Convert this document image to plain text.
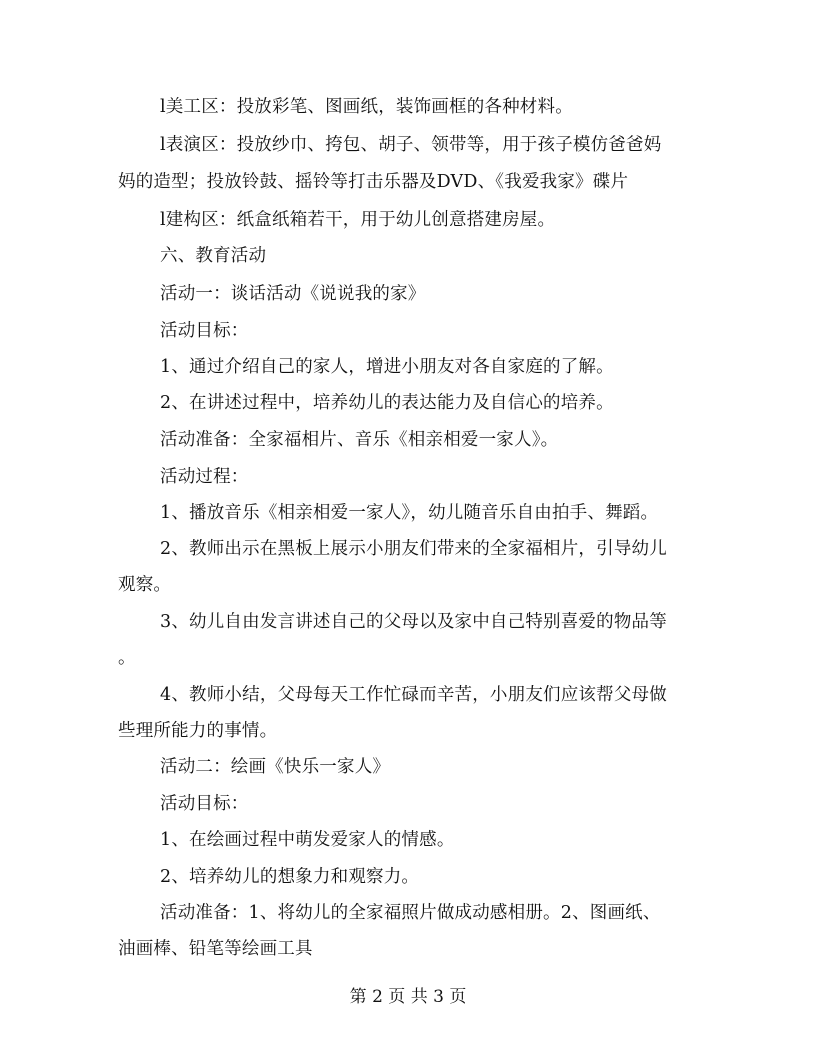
l美工区：投放彩笔、图画纸，装饰画框的各种材料。
l表演区：投放纱巾、挎包、胡子、领带等，用于孩子模仿爸爸妈
妈的造型；投放铃鼓、摇铃等打击乐器及DVD、《我爱我家》碟片
l建构区：纸盒纸箱若干，用于幼儿创意搭建房屋。
六、教育活动
活动一：谈话活动《说说我的家》
活动目标：
1、通过介绍自己的家人，增进小朋友对各自家庭的了解。
2、在讲述过程中，培养幼儿的表达能力及自信心的培养。
活动准备：全家福相片、音乐《相亲相爱一家人》。
活动过程：
1、播放音乐《相亲相爱一家人》，幼儿随音乐自由拍手、舞蹈。
2、教师出示在黑板上展示小朋友们带来的全家福相片，引导幼儿
观察。
3、幼儿自由发言讲述自己的父母以及家中自己特别喜爱的物品等
。
4、教师小结，父母每天工作忙碌而辛苦，小朋友们应该帮父母做
些理所能力的事情。
活动二：绘画《快乐一家人》
活动目标：
1、在绘画过程中萌发爱家人的情感。
2、培养幼儿的想象力和观察力。
活动准备：1、将幼儿的全家福照片做成动感相册。2、图画纸、
油画棒、铅笔等绘画工具
第 2 页 共 3 页
